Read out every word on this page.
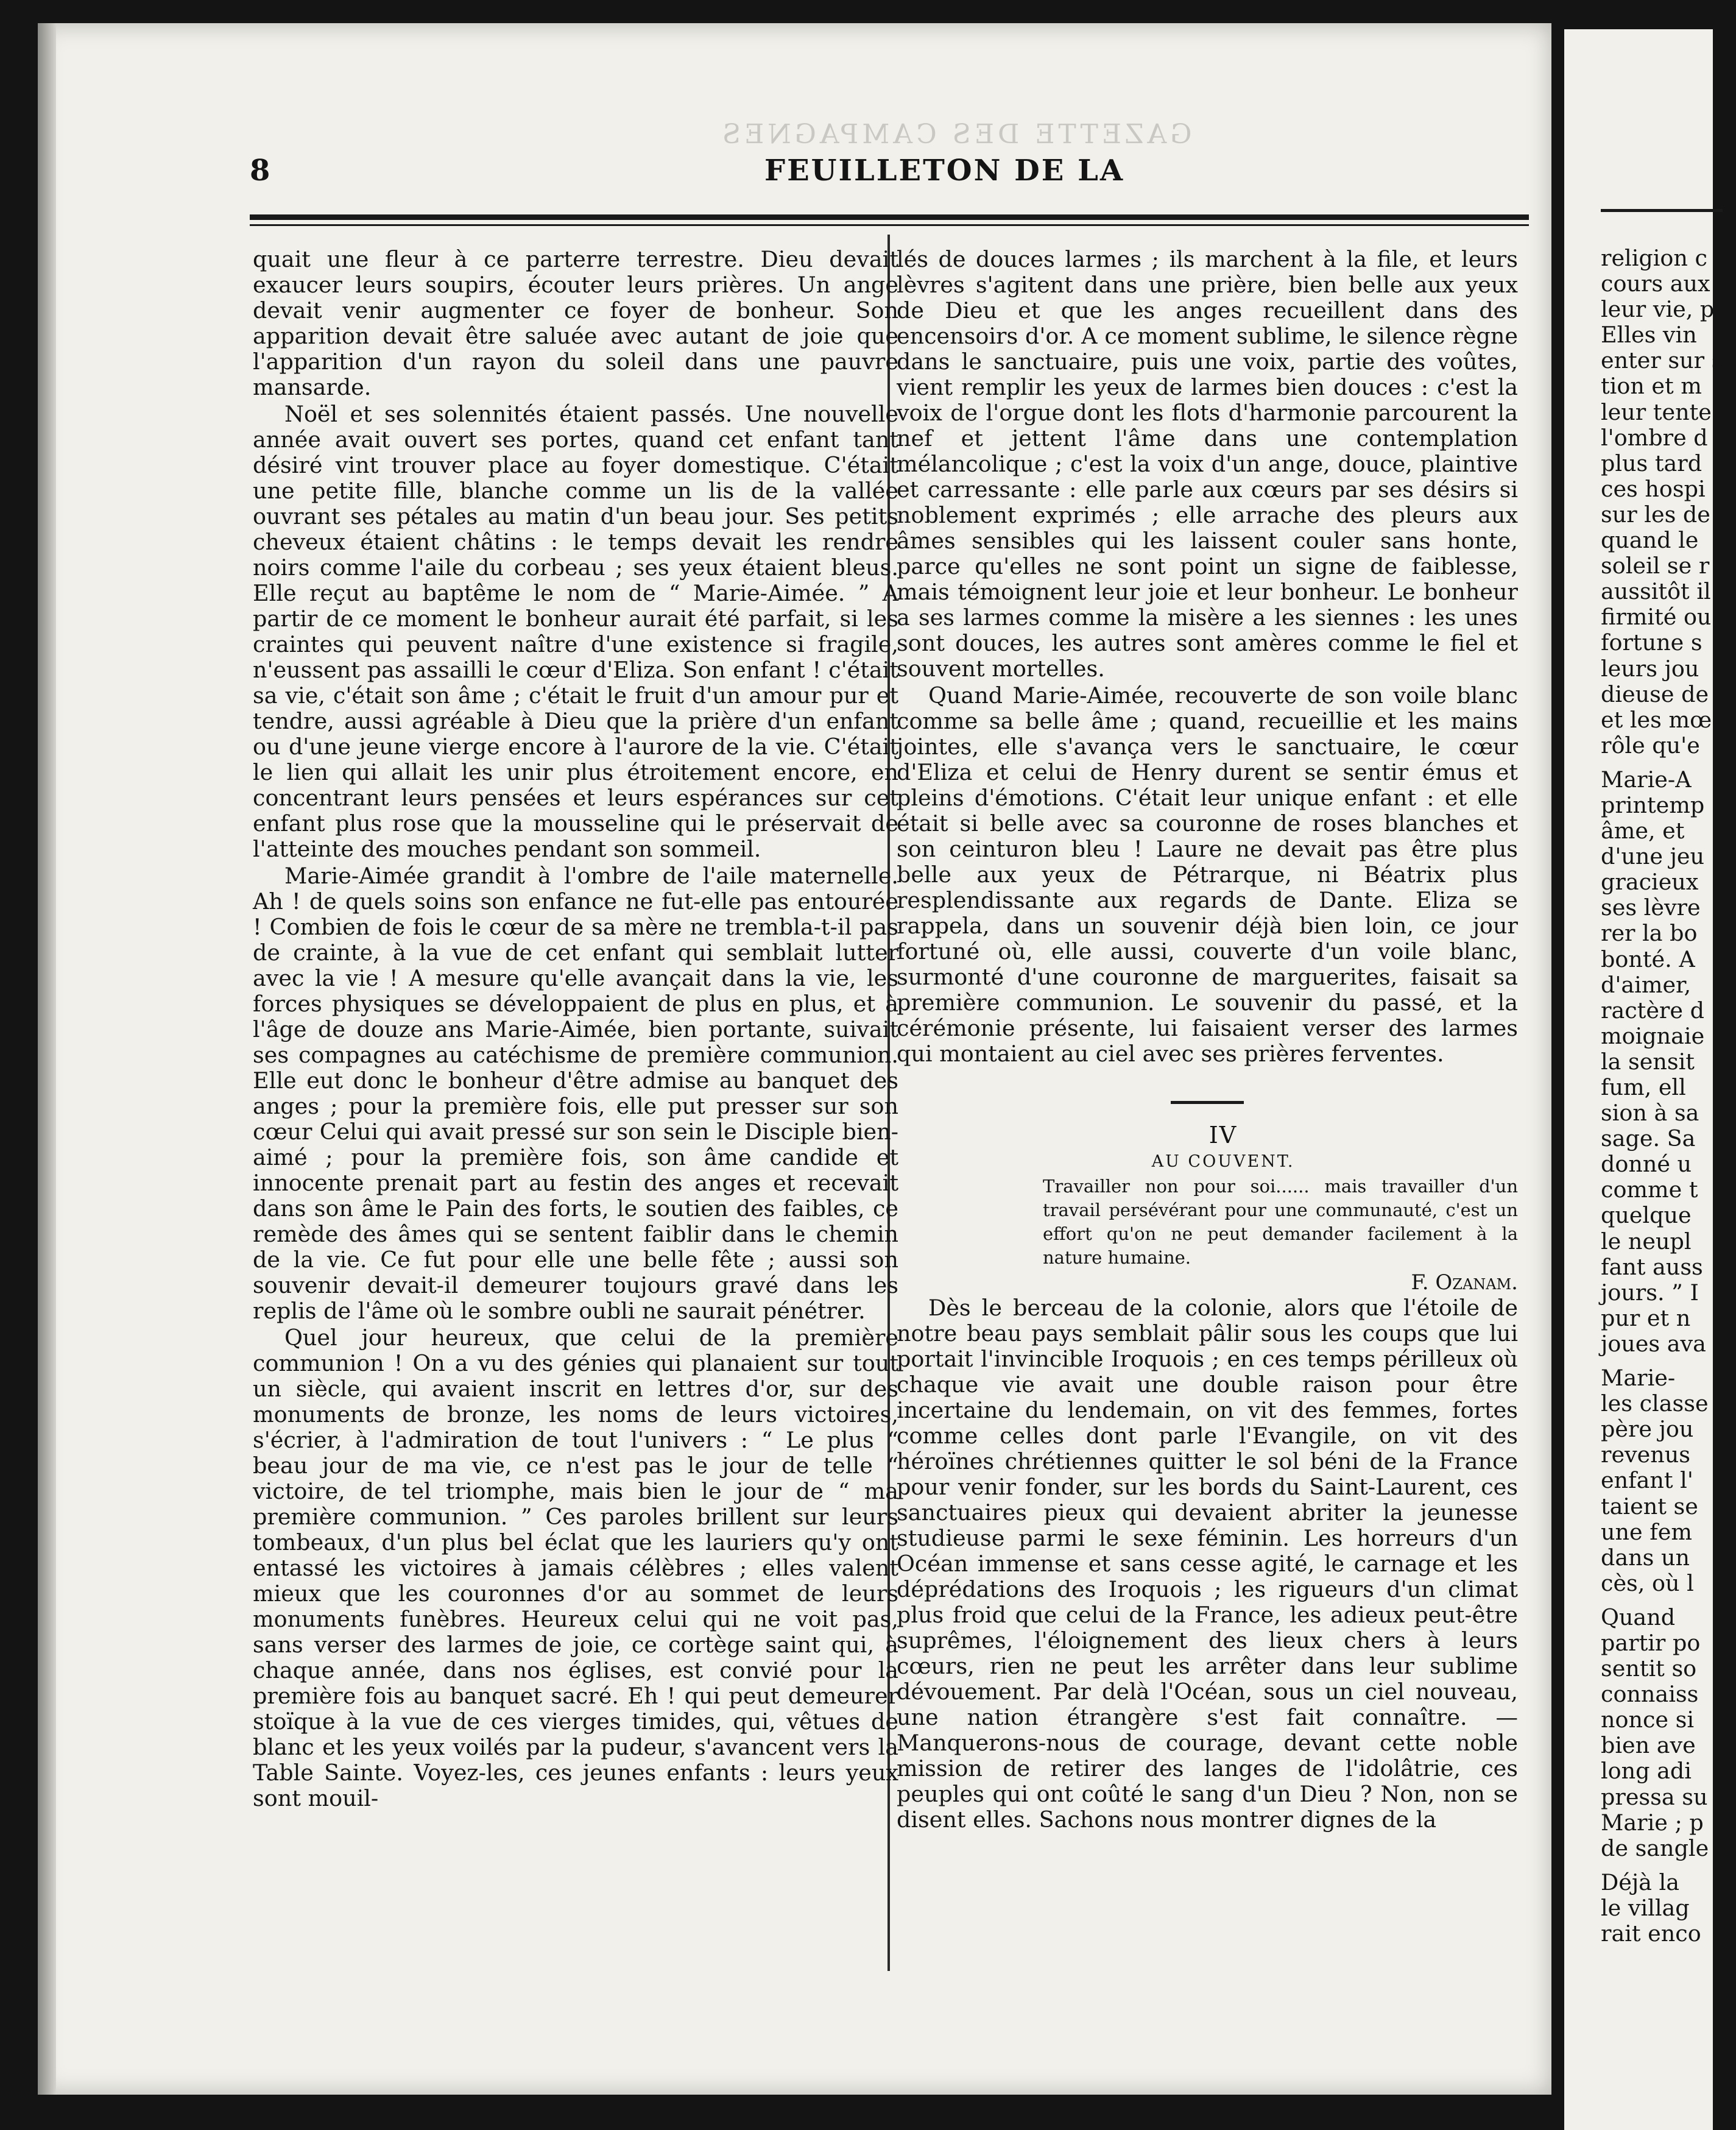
GAZETTE DES CAMPAGNES
8	FEUILLETON DE LA

quait une fleur à ce parterre terrestre. Dieu devait exaucer leurs soupirs, écouter leurs prières. Un ange devait venir augmenter ce foyer de bonheur. Son apparition devait être saluée avec autant de joie que l'apparition d'un rayon du soleil dans une pauvre mansarde.

Noël et ses solennités étaient passés. Une nouvelle année avait ouvert ses portes, quand cet enfant tant désiré vint trouver place au foyer domestique. C'était une petite fille, blanche comme un lis de la vallée ouvrant ses pétales au matin d'un beau jour. Ses petits cheveux étaient châtins : le temps devait les rendre noirs comme l'aile du corbeau ; ses yeux étaient bleus. Elle reçut au baptême le nom de “ Marie-Aimée. ” A partir de ce moment le bonheur aurait été parfait, si les craintes qui peuvent naître d'une existence si fragile, n'eussent pas assailli le cœur d'Eliza. Son enfant ! c'était sa vie, c'était son âme ; c'était le fruit d'un amour pur et tendre, aussi agréable à Dieu que la prière d'un enfant ou d'une jeune vierge encore à l'aurore de la vie. C'était le lien qui allait les unir plus étroitement encore, en concentrant leurs pensées et leurs espérances sur cet enfant plus rose que la mousseline qui le préservait de l'atteinte des mouches pendant son sommeil.

Marie-Aimée grandit à l'ombre de l'aile maternelle. Ah ! de quels soins son enfance ne fut-elle pas entourée ! Combien de fois le cœur de sa mère ne trembla-t-il pas de crainte, à la vue de cet enfant qui semblait lutter avec la vie ! A mesure qu'elle avançait dans la vie, les forces physiques se développaient de plus en plus, et à l'âge de douze ans Marie-Aimée, bien portante, suivait ses compagnes au catéchisme de première communion. Elle eut donc le bonheur d'être admise au banquet des anges ; pour la première fois, elle put presser sur son cœur Celui qui avait pressé sur son sein le Disciple bien-aimé ; pour la première fois, son âme candide et innocente prenait part au festin des anges et recevait dans son âme le Pain des forts, le soutien des faibles, ce remède des âmes qui se sentent faiblir dans le chemin de la vie. Ce fut pour elle une belle fête ; aussi son souvenir devait-il demeurer toujours gravé dans les replis de l'âme où le sombre oubli ne saurait pénétrer.

Quel jour heureux, que celui de la première communion ! On a vu des génies qui planaient sur tout un siècle, qui avaient inscrit en lettres d'or, sur des monuments de bronze, les noms de leurs victoires, s'écrier, à l'admiration de tout l'univers : “ Le plus “ beau jour de ma vie, ce n'est pas le jour de telle “ victoire, de tel triomphe, mais bien le jour de “ ma première communion. ” Ces paroles brillent sur leurs tombeaux, d'un plus bel éclat que les lauriers qu'y ont entassé les victoires à jamais célèbres ; elles valent mieux que les couronnes d'or au sommet de leurs monuments funèbres. Heureux celui qui ne voit pas, sans verser des larmes de joie, ce cortège saint qui, à chaque année, dans nos églises, est convié pour la première fois au banquet sacré. Eh ! qui peut demeurer stoïque à la vue de ces vierges timides, qui, vêtues de blanc et les yeux voilés par la pudeur, s'avancent vers la Table Sainte. Voyez-les, ces jeunes enfants : leurs yeux sont mouil-

lés de douces larmes ; ils marchent à la file, et leurs lèvres s'agitent dans une prière, bien belle aux yeux de Dieu et que les anges recueillent dans des encensoirs d'or. A ce moment sublime, le silence règne dans le sanctuaire, puis une voix, partie des voûtes, vient remplir les yeux de larmes bien douces : c'est la voix de l'orgue dont les flots d'harmonie parcourent la nef et jettent l'âme dans une contemplation mélancolique ; c'est la voix d'un ange, douce, plaintive et carressante : elle parle aux cœurs par ses désirs si noblement exprimés ; elle arrache des pleurs aux âmes sensibles qui les laissent couler sans honte, parce qu'elles ne sont point un signe de faiblesse, mais témoignent leur joie et leur bonheur. Le bonheur a ses larmes comme la misère a les siennes : les unes sont douces, les autres sont amères comme le fiel et souvent mortelles.

Quand Marie-Aimée, recouverte de son voile blanc comme sa belle âme ; quand, recueillie et les mains jointes, elle s'avança vers le sanctuaire, le cœur d'Eliza et celui de Henry durent se sentir émus et pleins d'émotions. C'était leur unique enfant : et elle était si belle avec sa couronne de roses blanches et son ceinturon bleu ! Laure ne devait pas être plus belle aux yeux de Pétrarque, ni Béatrix plus resplendissante aux regards de Dante. Eliza se rappela, dans un souvenir déjà bien loin, ce jour fortuné où, elle aussi, couverte d'un voile blanc, surmonté d'une couronne de marguerites, faisait sa première communion. Le souvenir du passé, et la cérémonie présente, lui faisaient verser des larmes qui montaient au ciel avec ses prières ferventes.

IV

AU COUVENT.

Travailler non pour soi...... mais travailler d'un travail persévérant pour une communauté, c'est un effort qu'on ne peut demander facilement à la nature humaine.

F. Ozanam.

Dès le berceau de la colonie, alors que l'étoile de notre beau pays semblait pâlir sous les coups que lui portait l'invincible Iroquois ; en ces temps périlleux où chaque vie avait une double raison pour être incertaine du lendemain, on vit des femmes, fortes comme celles dont parle l'Evangile, on vit des héroïnes chrétiennes quitter le sol béni de la France pour venir fonder, sur les bords du Saint-Laurent, ces sanctuaires pieux qui devaient abriter la jeunesse studieuse parmi le sexe féminin. Les horreurs d'un Océan immense et sans cesse agité, le carnage et les déprédations des Iroquois ; les rigueurs d'un climat plus froid que celui de la France, les adieux peut-être suprêmes, l'éloignement des lieux chers à leurs cœurs, rien ne peut les arrêter dans leur sublime dévouement. Par delà l'Océan, sous un ciel nouveau, une nation étrangère s'est fait connaître. —Manquerons-nous de courage, devant cette noble mission de retirer des langes de l'idolâtrie, ces peuples qui ont coûté le sang d'un Dieu ? Non, non se disent elles. Sachons nous montrer dignes de la

religion c
cours aux
leur vie, p
Elles vin
enter sur se
tion et m
leur tente
l'ombre d
plus tard
ces hospi
sur les de
quand le
soleil se r
aussitôt il
firmité ou
fortune s
leurs jou
dieuse de
et les mœ
rôle qu'e
Marie-A
printemp
âme, et
d'une jeu
gracieux
ses lèvre
rer la bo
bonté. A
d'aimer,
ractère d
moignaie
la sensit
fum, ell
sion à sa
sage. Sa
donné u
comme t
quelque
le neupl
fant auss
jours. ” I
pur et n
joues ava
Marie-
les classe
père jou
revenus
enfant l'
taient se
une fem
dans un
cès, où l
Quand
partir po
sentit so
connaiss
nonce si
bien ave
long adi
pressa su
Marie ; p
de sangle
Déjà la
le villag
rait enco
